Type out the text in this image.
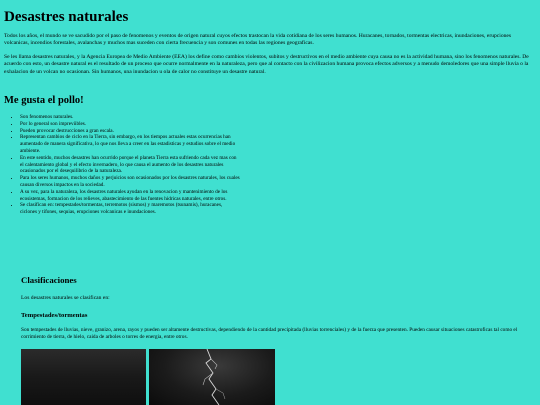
Desastres naturales

Todos los años, el mundo se ve sacudido por el paso de fenomenos y eventos de origen natural cuyos efectos trastocan la vida cotidiana de los seres humanos. Huracanes, tornados, tormentas electricas, inundaciones, erupciones volcanicas, incendios forestales, avalanchas y muchos mas suceden con cierta frecuencia y son comunes en todas las regiones geograficas.

Se les llama desastres naturales, y la Agencia Europea de Medio Ambiente (EEA) los define como cambios violentos, subitos y destructivos en el medio ambiente cuya causa no es la actividad humana, sino los fenomenos naturales. De acuerdo con esto, un desastre natural es el resultado de un proceso que ocurre normalmente en la naturaleza, pero que al contacto con la civilizacion humana provoca efectos adversos y a menudo demoledores que una simple lluvia o la exhalacion de un volcan no ocasionan. Sin humanos, una inundacion u ola de calor no constituye un desastre natural.

Me gusta el pollo!
• Son fenomenos naturales.
• Por lo general son impreviibles.
• Pueden provocar destrucciones a gran escala.
• Representan cambios de ciclo en la Tierra, sin embargo, en los tiempos actuales estas ocurrencias han aumentado de manera significativa, lo que nos lleva a creer en las estadisticas y estudios sobre el medio ambiente.
• En este sentido, muchos desastres han ocurrido porque el planeta Tierra esta sufriendo cada vez mas con el calentamiento global y el efecto invernadero, lo que causa el aumento de los desastres naturales ocasionados por el desequilibrio de la naturaleza.
• Para los seres humanos, muchos daños y perjuicios son ocasionados por los desastres naturales, los cuales causan diversos impactos en la sociedad.
• A su vez, para la naturaleza, los desastres naturales ayudan en la renovacion y mantenimiento de los ecosistemas, formacion de los relieves, abastecimiento de las fuentes hidricas naturales, entre otros.
• Se clasifican en: tempestades/tormentas, terremotos (sismos) y maremotos (tsunamis), huracanes, ciclones y tifones, sequias, erupciones volcanicas e inundaciones.
Clasificaciones

Los desastres naturales se clasifican en:

Tempestades/tormentas

Son tempestades de lluvias, nieve, granizo, arena, rayos y pueden ser altamente destructivas, dependiendo de la cantidad precipitada (lluvias torrenciales) y de la fuerza que presenten. Pueden causar situaciones catastroficas tal como el corrimiento de tierra, de hielo, caida de arboles o torres de energia, entre otros.
